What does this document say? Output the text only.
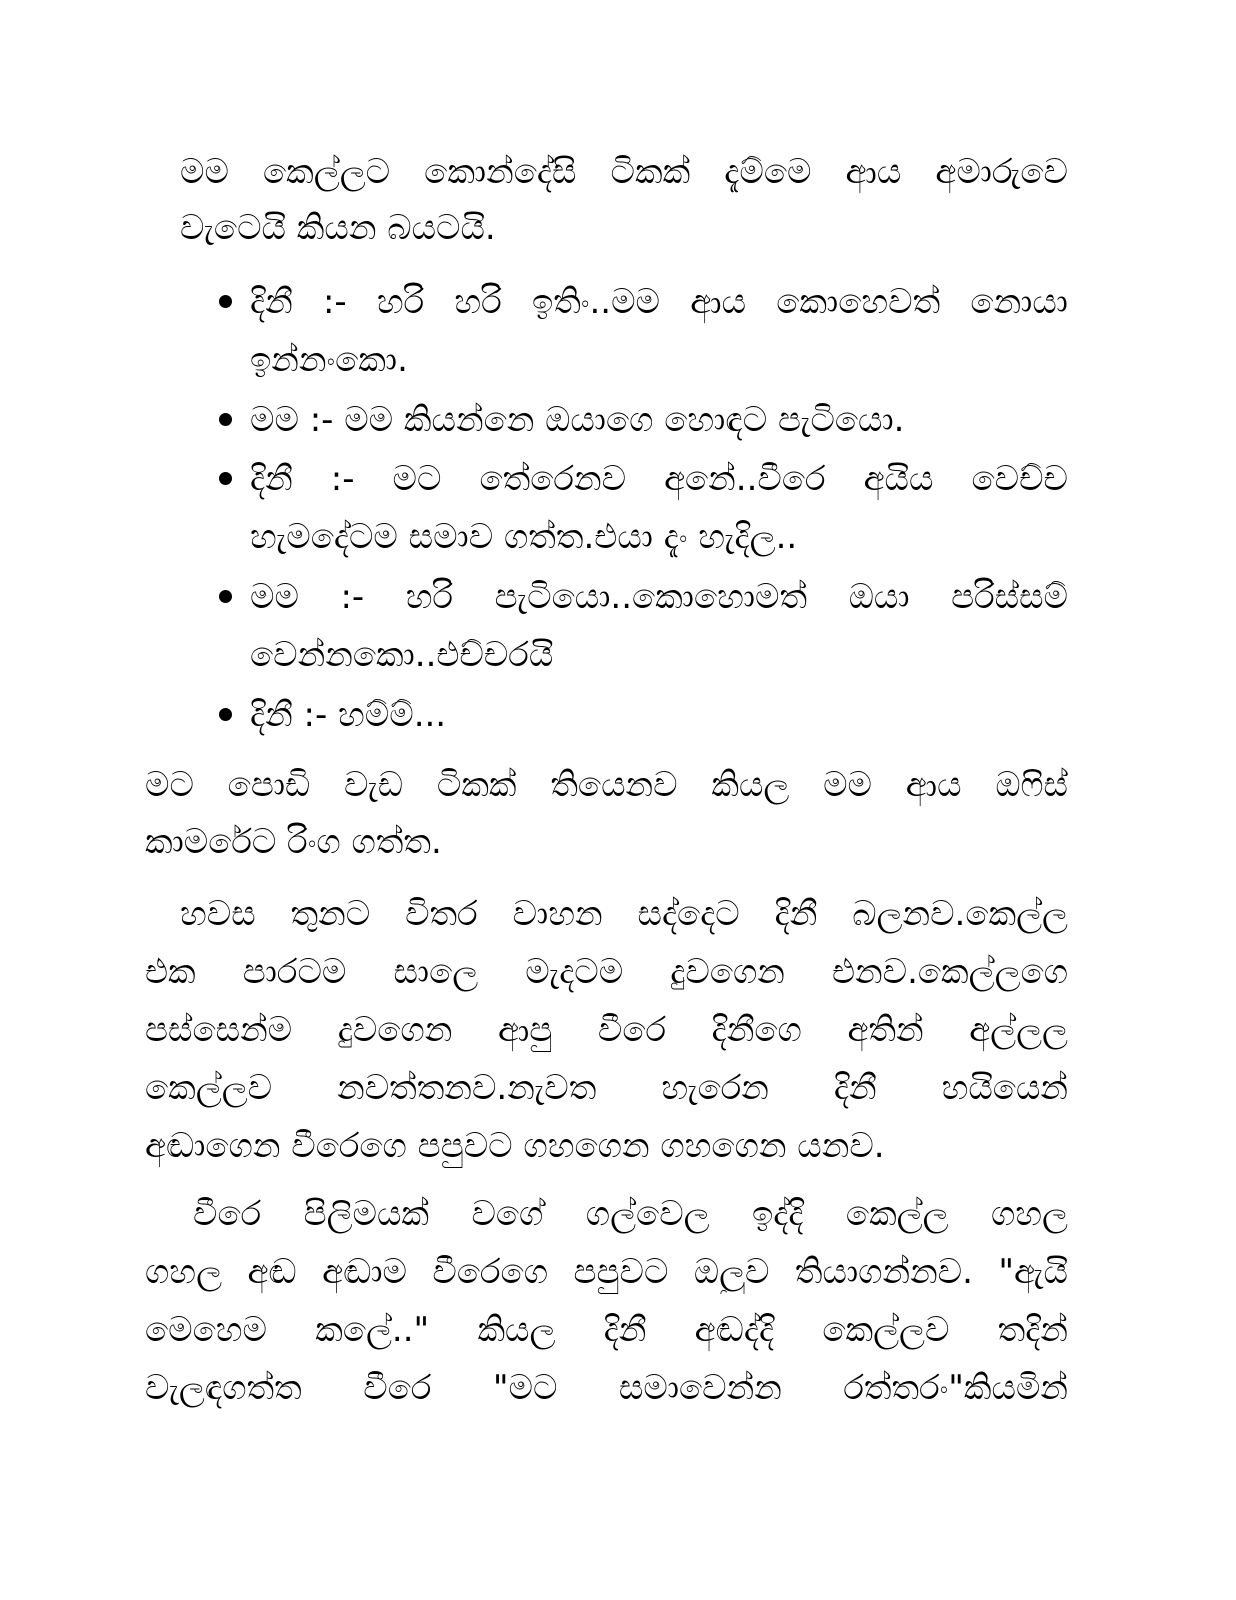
මම කෙල්ලට කොන්දේසි ටිකක් දැම්මෙ ආය අමාරුවෙ
වැටෙයි කියන බයටයි.
දිනී :- හරි හරි ඉතිං..මම ආය කොහෙවත් නොයා
ඉන්නංකො.
මම :- මම කියන්නෙ ඔයාගෙ හොඳට පැටියො.
දිනී :- මට තේරෙනව අනේ..වීරෙ අයිය වෙච්ච
හැමදේටම සමාව ගත්ත.එයා දැං හැදිල..
මම :- හරි පැටියො..කොහොමත් ඔයා පරිස්සම්
වෙන්නකො..එච්චරයි
දිනී :- හම්ම්...
මට පොඩි වැඩ ටිකක් තියෙනව කියල මම ආය ඔෆිස්
කාමරේට රිංග ගත්ත.
හවස තුනට විතර වාහන සද්දෙට දිනී බලනව.කෙල්ල
එක පාරටම සාලෙ මැදටම දුවගෙන එනව.කෙල්ලගෙ
පස්සෙන්ම දුවගෙන ආපු වීරෙ දිනීගෙ අතින් අල්ලල
කෙල්ලව නවත්තනව.නැවත හැරෙන දිනී හයියෙන්
අඬාගෙන වීරෙගෙ පපුවට ගහගෙන ගහගෙන යනව.
වීරෙ පිලිමයක් වගේ ගල්වෙල ඉද්දි කෙල්ල ගහල
ගහල අඬ අඬාම වීරෙගෙ පපුවට ඔලුව තියාගන්නව. "ඇයි
මෙහෙම කලේ.." කියල දිනී අඬද්දි කෙල්ලව තදින්
වැලඳගත්ත වීරෙ "මට සමාවෙන්න රත්තරං"කියමින්
